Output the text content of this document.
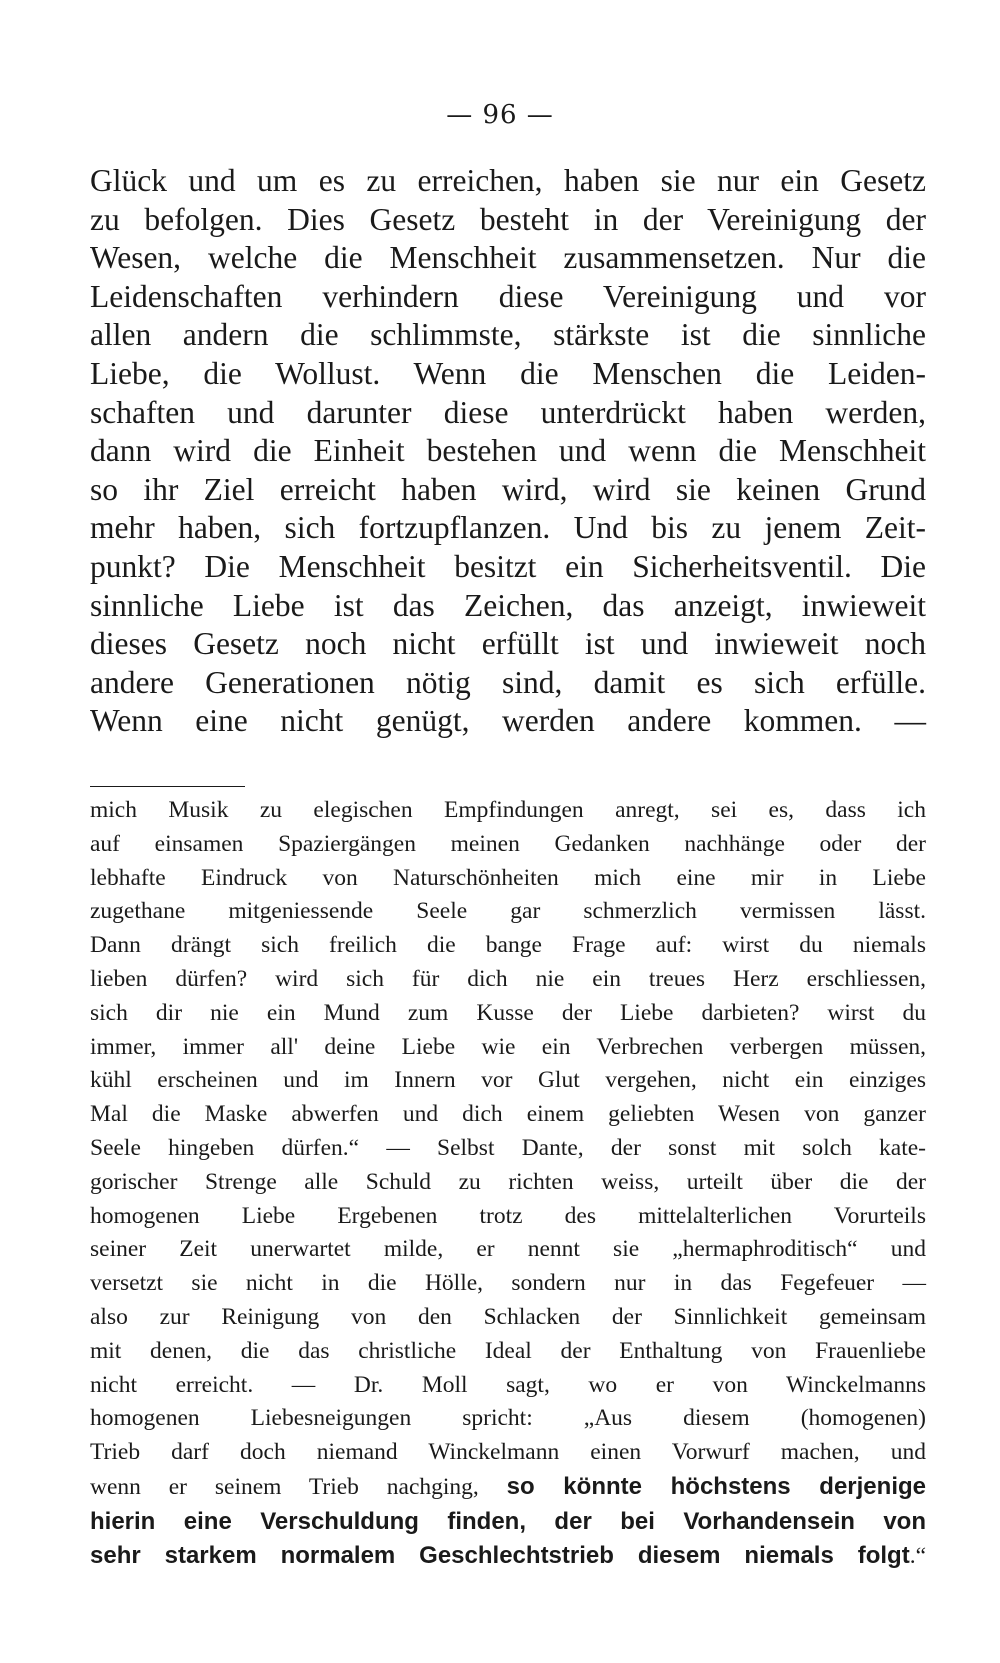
— 96 —
Glück und um es zu erreichen, haben sie nur ein Gesetz
zu befolgen. Dies Gesetz besteht in der Vereinigung der
Wesen, welche die Menschheit zusammensetzen. Nur die
Leidenschaften verhindern diese Vereinigung und vor
allen andern die schlimmste, stärkste ist die sinnliche
Liebe, die Wollust. Wenn die Menschen die Leiden-
schaften und darunter diese unterdrückt haben werden,
dann wird die Einheit bestehen und wenn die Menschheit
so ihr Ziel erreicht haben wird, wird sie keinen Grund
mehr haben, sich fortzupflanzen. Und bis zu jenem Zeit-
punkt? Die Menschheit besitzt ein Sicherheitsventil. Die
sinnliche Liebe ist das Zeichen, das anzeigt, inwieweit
dieses Gesetz noch nicht erfüllt ist und inwieweit noch
andere Generationen nötig sind, damit es sich erfülle.
Wenn eine nicht genügt, werden andere kommen. —
mich Musik zu elegischen Empfindungen anregt, sei es, dass ich
auf einsamen Spaziergängen meinen Gedanken nachhänge oder der
lebhafte Eindruck von Naturschönheiten mich eine mir in Liebe
zugethane mitgeniessende Seele gar schmerzlich vermissen lässt.
Dann drängt sich freilich die bange Frage auf: wirst du niemals
lieben dürfen? wird sich für dich nie ein treues Herz erschliessen,
sich dir nie ein Mund zum Kusse der Liebe darbieten? wirst du
immer, immer all' deine Liebe wie ein Verbrechen verbergen müssen,
kühl erscheinen und im Innern vor Glut vergehen, nicht ein einziges
Mal die Maske abwerfen und dich einem geliebten Wesen von ganzer
Seele hingeben dürfen.“ — Selbst Dante, der sonst mit solch kate-
gorischer Strenge alle Schuld zu richten weiss, urteilt über die der
homogenen Liebe Ergebenen trotz des mittelalterlichen Vorurteils
seiner Zeit unerwartet milde, er nennt sie „hermaphroditisch“ und
versetzt sie nicht in die Hölle, sondern nur in das Fegefeuer —
also zur Reinigung von den Schlacken der Sinnlichkeit gemeinsam
mit denen, die das christliche Ideal der Enthaltung von Frauenliebe
nicht erreicht. — Dr. Moll sagt, wo er von Winckelmanns
homogenen Liebesneigungen spricht: „Aus diesem (homogenen)
Trieb darf doch niemand Winckelmann einen Vorwurf machen, und
wenn er seinem Trieb nachging, so könnte höchstens derjenige
hierin eine Verschuldung finden, der bei Vorhandensein von
sehr starkem normalem Geschlechtstrieb diesem niemals folgt.“
